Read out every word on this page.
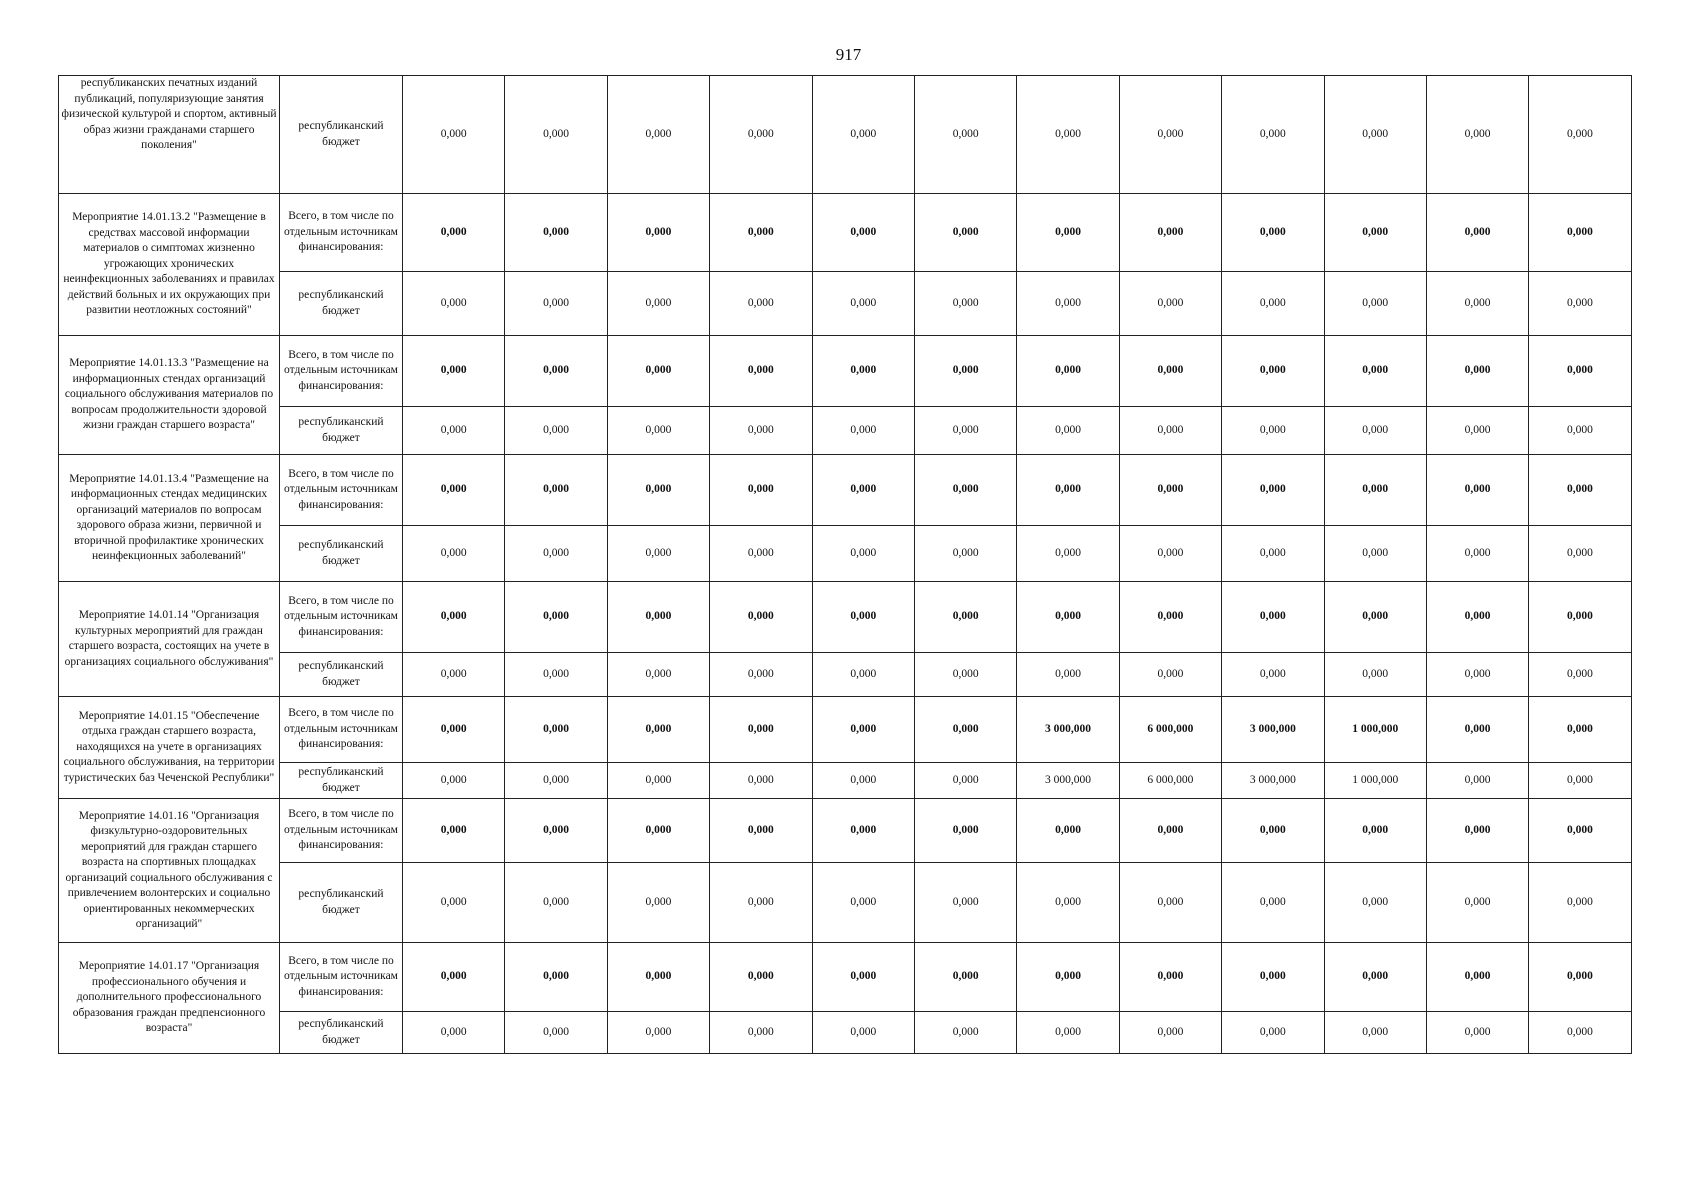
917
республиканских печатных изданий публикаций, популяризующие занятия физической культурой и спортом, активный образ жизни гражданами старшего поколения"	республиканский бюджет	0,000	0,000	0,000	0,000	0,000	0,000	0,000	0,000	0,000	0,000	0,000	0,000
Мероприятие 14.01.13.2 "Размещение в средствах массовой информации материалов о симптомах жизненно угрожающих хронических неинфекционных заболеваниях и правилах действий больных и их окружающих при развитии неотложных состояний"	Всего, в том числе по отдельным источникам финансирования:	0,000	0,000	0,000	0,000	0,000	0,000	0,000	0,000	0,000	0,000	0,000	0,000
	республиканский бюджет	0,000	0,000	0,000	0,000	0,000	0,000	0,000	0,000	0,000	0,000	0,000	0,000
Мероприятие 14.01.13.3 "Размещение на информационных стендах организаций социального обслуживания материалов по вопросам продолжительности здоровой жизни граждан старшего возраста"	Всего, в том числе по отдельным источникам финансирования:	0,000	0,000	0,000	0,000	0,000	0,000	0,000	0,000	0,000	0,000	0,000	0,000
	республиканский бюджет	0,000	0,000	0,000	0,000	0,000	0,000	0,000	0,000	0,000	0,000	0,000	0,000
Мероприятие 14.01.13.4 "Размещение на информационных стендах медицинских организаций материалов по вопросам здорового образа жизни, первичной и вторичной профилактике хронических неинфекционных заболеваний"	Всего, в том числе по отдельным источникам финансирования:	0,000	0,000	0,000	0,000	0,000	0,000	0,000	0,000	0,000	0,000	0,000	0,000
	республиканский бюджет	0,000	0,000	0,000	0,000	0,000	0,000	0,000	0,000	0,000	0,000	0,000	0,000
Мероприятие 14.01.14 "Организация культурных мероприятий для граждан старшего возраста, состоящих на учете в организациях социального обслуживания"	Всего, в том числе по отдельным источникам финансирования:	0,000	0,000	0,000	0,000	0,000	0,000	0,000	0,000	0,000	0,000	0,000	0,000
	республиканский бюджет	0,000	0,000	0,000	0,000	0,000	0,000	0,000	0,000	0,000	0,000	0,000	0,000
Мероприятие 14.01.15 "Обеспечение отдыха граждан старшего возраста, находящихся на учете в организациях социального обслуживания, на территории туристических баз Чеченской Республики"	Всего, в том числе по отдельным источникам финансирования:	0,000	0,000	0,000	0,000	0,000	0,000	3 000,000	6 000,000	3 000,000	1 000,000	0,000	0,000
	республиканский бюджет	0,000	0,000	0,000	0,000	0,000	0,000	3 000,000	6 000,000	3 000,000	1 000,000	0,000	0,000
Мероприятие 14.01.16 "Организация физкультурно-оздоровительных мероприятий для граждан старшего возраста на спортивных площадках организаций социального обслуживания с привлечением волонтерских и социально ориентированных некоммерческих организаций"	Всего, в том числе по отдельным источникам финансирования:	0,000	0,000	0,000	0,000	0,000	0,000	0,000	0,000	0,000	0,000	0,000	0,000
	республиканский бюджет	0,000	0,000	0,000	0,000	0,000	0,000	0,000	0,000	0,000	0,000	0,000	0,000
Мероприятие 14.01.17 "Организация профессионального обучения и дополнительного профессионального образования граждан предпенсионного возраста"	Всего, в том числе по отдельным источникам финансирования:	0,000	0,000	0,000	0,000	0,000	0,000	0,000	0,000	0,000	0,000	0,000	0,000
	республиканский бюджет	0,000	0,000	0,000	0,000	0,000	0,000	0,000	0,000	0,000	0,000	0,000	0,000
